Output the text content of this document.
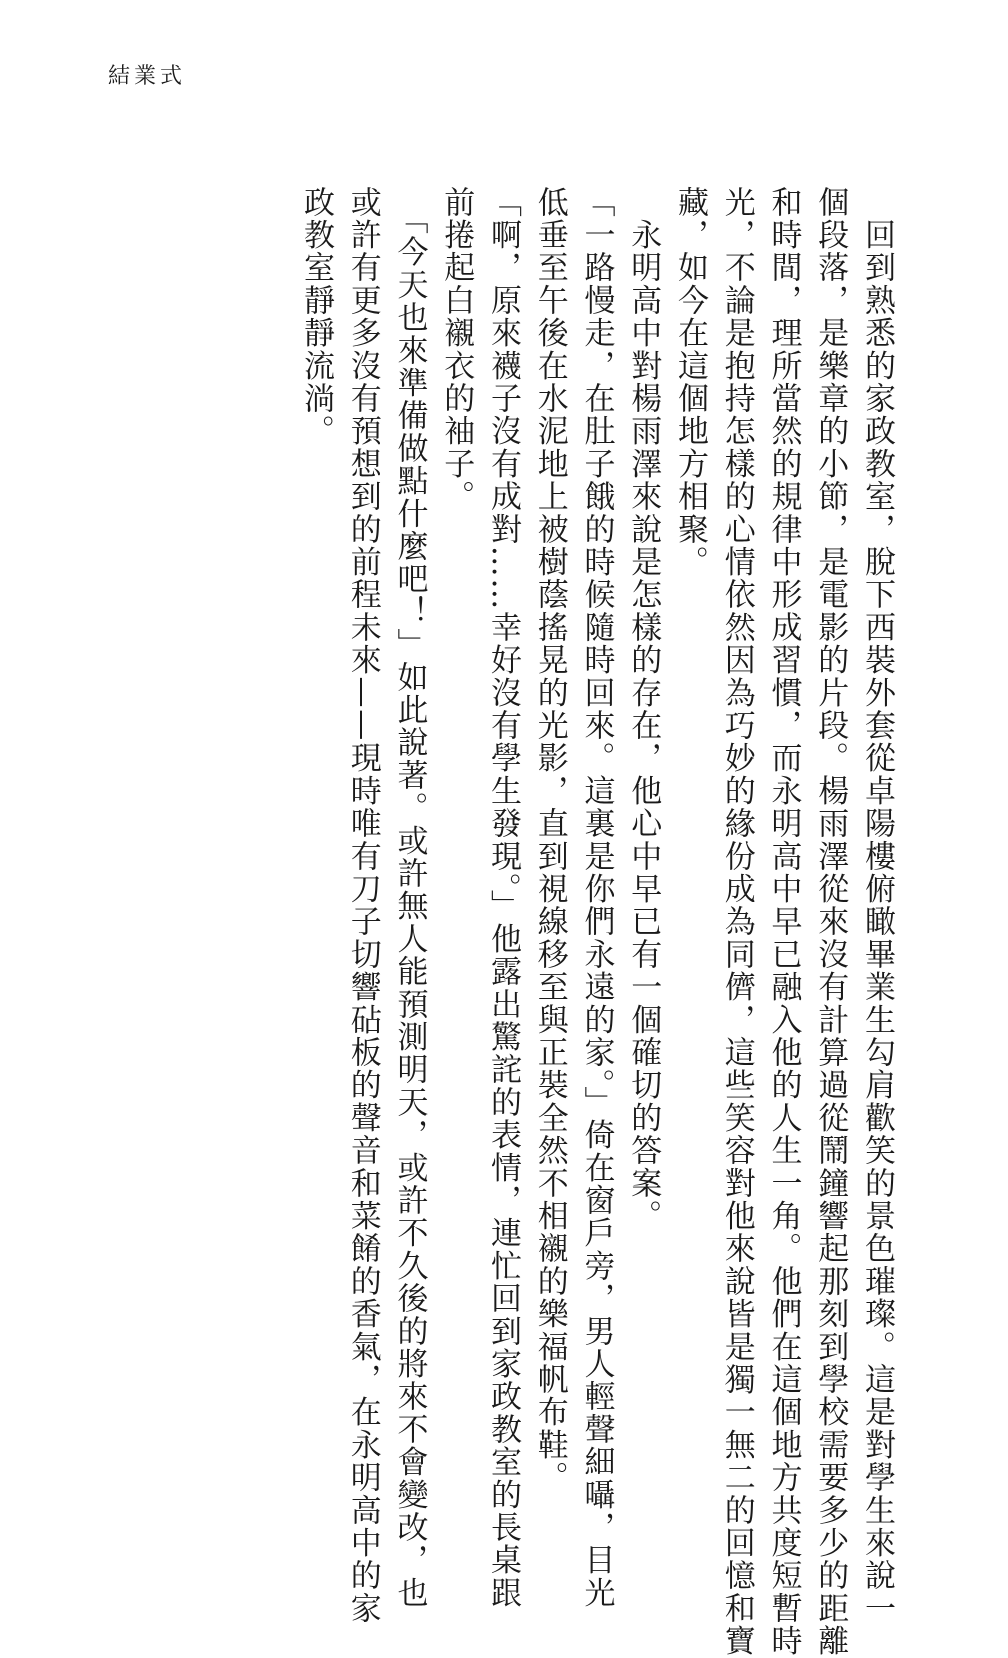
結業式
　回到熟悉的家政教室，脫下西裝外套從卓陽樓俯瞰畢業生勾肩歡笑的景色璀璨。這是對學生來說一
個段落，是樂章的小節，是電影的片段。楊雨澤從來沒有計算過從鬧鐘響起那刻到學校需要多少的距離
和時間，理所當然的規律中形成習慣，而永明高中早已融入他的人生一角。他們在這個地方共度短暫時
光，不論是抱持怎樣的心情依然因為巧妙的緣份成為同儕，這些笑容對他來說皆是獨一無二的回憶和寶
藏，如今在這個地方相聚。
　永明高中對楊雨澤來說是怎樣的存在，他心中早已有一個確切的答案。
「一路慢走，在肚子餓的時候隨時回來。這裏是你們永遠的家。」倚在窗戶旁，男人輕聲細囁，目光
低垂至午後在水泥地上被樹蔭搖晃的光影，直到視線移至與正裝全然不相襯的樂福帆布鞋。
「啊，原來襪子沒有成對……幸好沒有學生發現。」他露出驚詫的表情，連忙回到家政教室的長桌跟
前捲起白襯衣的袖子。
　「今天也來準備做點什麼吧！」如此說著。或許無人能預測明天，或許不久後的將來不會變改，也
或許有更多沒有預想到的前程未來——現時唯有刀子切響砧板的聲音和菜餚的香氣，在永明高中的家
政教室靜靜流淌。
